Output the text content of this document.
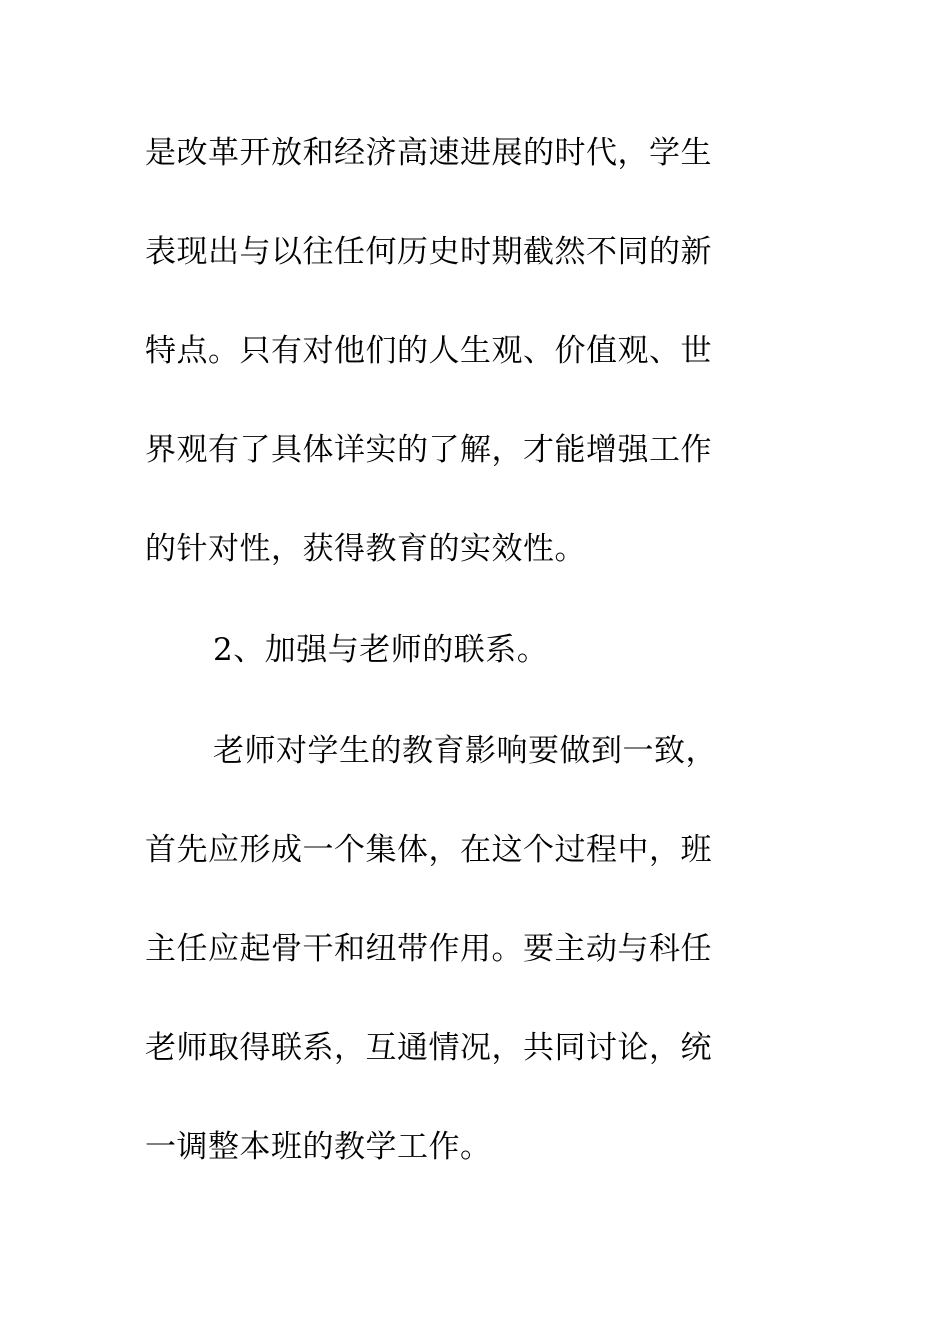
是改革开放和经济高速进展的时代，学生
表现出与以往任何历史时期截然不同的新
特点。只有对他们的人生观、价值观、世
界观有了具体详实的了解，才能增强工作
的针对性，获得教育的实效性。
2、加强与老师的联系。
老师对学生的教育影响要做到一致，
首先应形成一个集体，在这个过程中，班
主任应起骨干和纽带作用。要主动与科任
老师取得联系，互通情况，共同讨论，统
一调整本班的教学工作。
